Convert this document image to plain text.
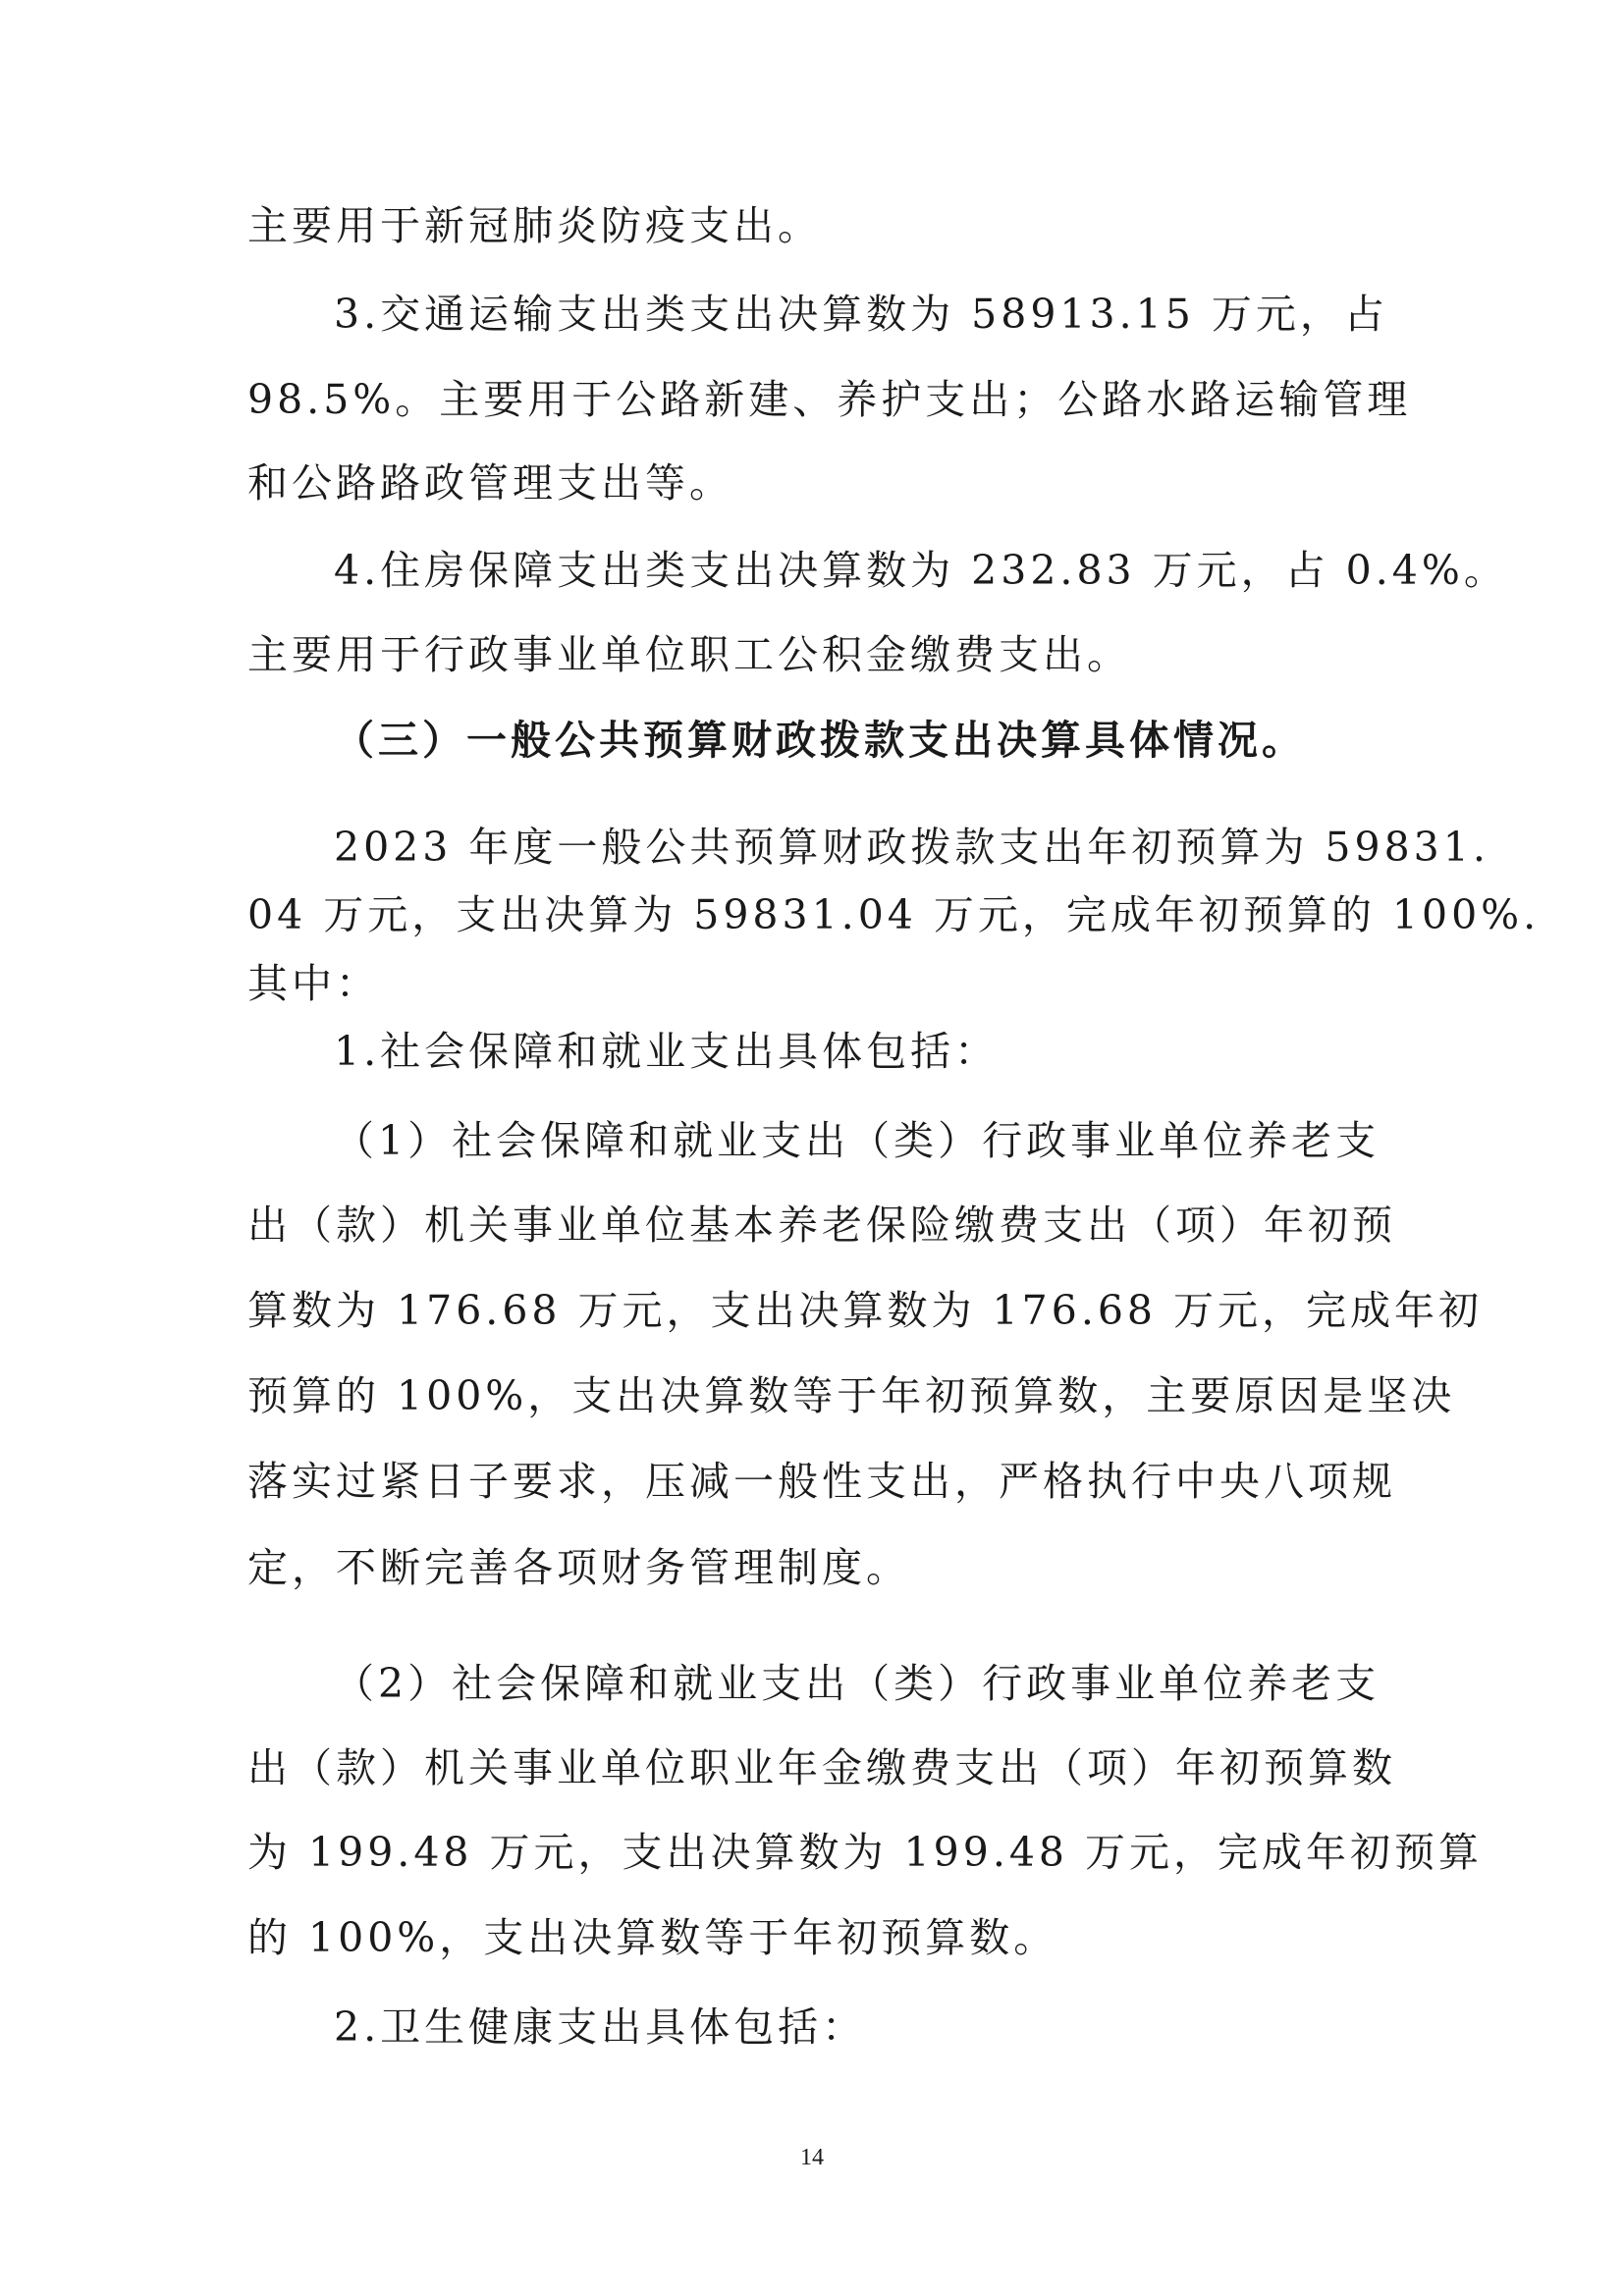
主要用于新冠肺炎防疫支出。
3.交通运输支出类支出决算数为 58913.15 万元，占
98.5%。主要用于公路新建、养护支出；公路水路运输管理
和公路路政管理支出等。
4.住房保障支出类支出决算数为 232.83 万元，占 0.4%。
主要用于行政事业单位职工公积金缴费支出。
（三）一般公共预算财政拨款支出决算具体情况。
2023 年度一般公共预算财政拨款支出年初预算为 59831.
04 万元，支出决算为 59831.04 万元，完成年初预算的 100%.
其中：
1.社会保障和就业支出具体包括：
（1）社会保障和就业支出（类）行政事业单位养老支
出（款）机关事业单位基本养老保险缴费支出（项）年初预
算数为 176.68 万元，支出决算数为 176.68 万元，完成年初
预算的 100%，支出决算数等于年初预算数，主要原因是坚决
落实过紧日子要求，压减一般性支出，严格执行中央八项规
定，不断完善各项财务管理制度。
（2）社会保障和就业支出（类）行政事业单位养老支
出（款）机关事业单位职业年金缴费支出（项）年初预算数
为 199.48 万元，支出决算数为 199.48 万元，完成年初预算
的 100%，支出决算数等于年初预算数。
2.卫生健康支出具体包括：
14
